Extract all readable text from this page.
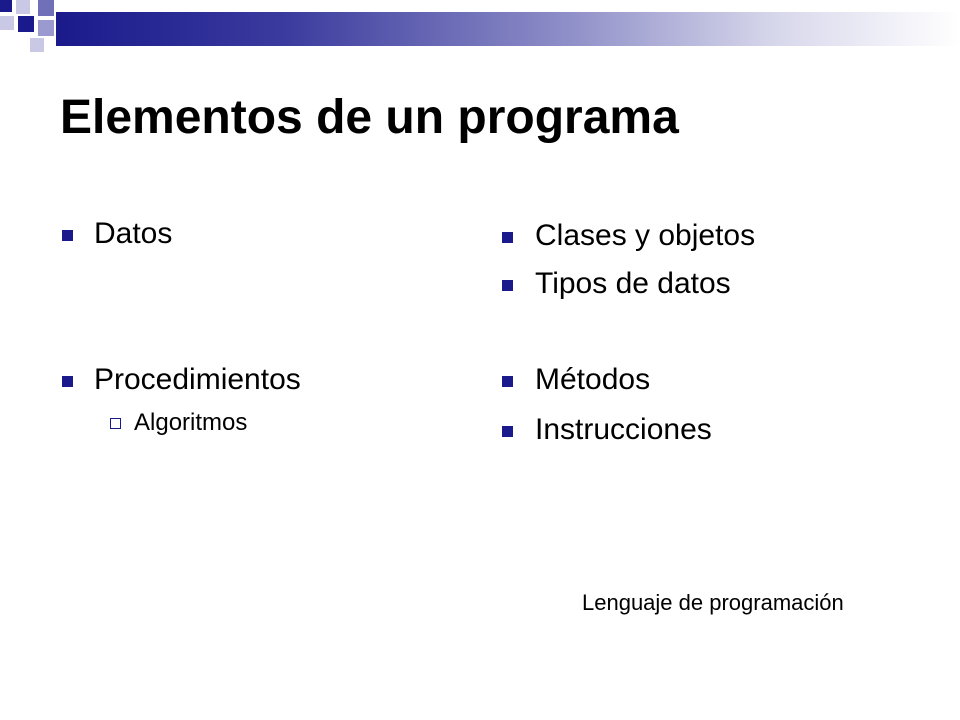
Elementos de un programa
Datos
Procedimientos
Algoritmos
Clases y objetos
Tipos de datos
Métodos
Instrucciones
Lenguaje de programación
